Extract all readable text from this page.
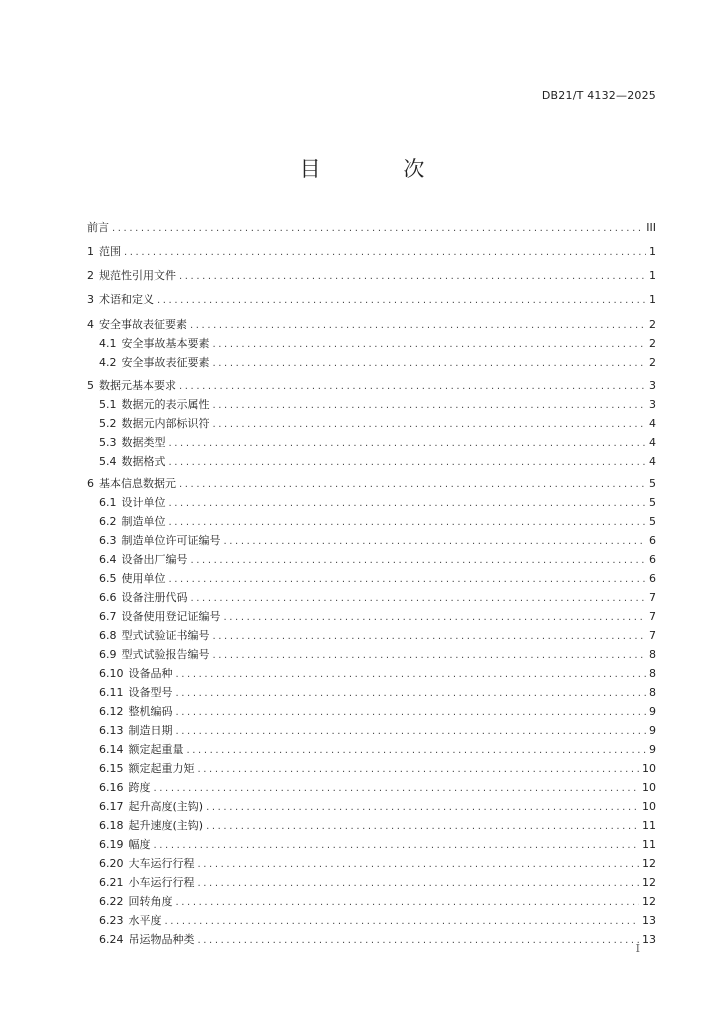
DB21/T 4132—2025
目 次
前言 .....	III
1 范围 .....	1
2 规范性引用文件 .....	1
3 术语和定义 .....	1
4 安全事故表征要素 .....	2
4.1 安全事故基本要素 .....	2
4.2 安全事故表征要素 .....	2
5 数据元基本要求 .....	3
5.1 数据元的表示属性 .....	3
5.2 数据元内部标识符 .....	4
5.3 数据类型 .....	4
5.4 数据格式 .....	4
6 基本信息数据元 .....	5
6.1 设计单位 .....	5
6.2 制造单位 .....	5
6.3 制造单位许可证编号 .....	6
6.4 设备出厂编号 .....	6
6.5 使用单位 .....	6
6.6 设备注册代码 .....	7
6.7 设备使用登记证编号 .....	7
6.8 型式试验证书编号 .....	7
6.9 型式试验报告编号 .....	8
6.10 设备品种 .....	8
6.11 设备型号 .....	8
6.12 整机编码 .....	9
6.13 制造日期 .....	9
6.14 额定起重量 .....	9
6.15 额定起重力矩 .....	10
6.16 跨度 .....	10
6.17 起升高度(主钩) .....	10
6.18 起升速度(主钩) .....	11
6.19 幅度 .....	11
6.20 大车运行行程 .....	12
6.21 小车运行行程 .....	12
6.22 回转角度 .....	12
6.23 水平度 .....	13
6.24 吊运物品种类 .....	13
I
